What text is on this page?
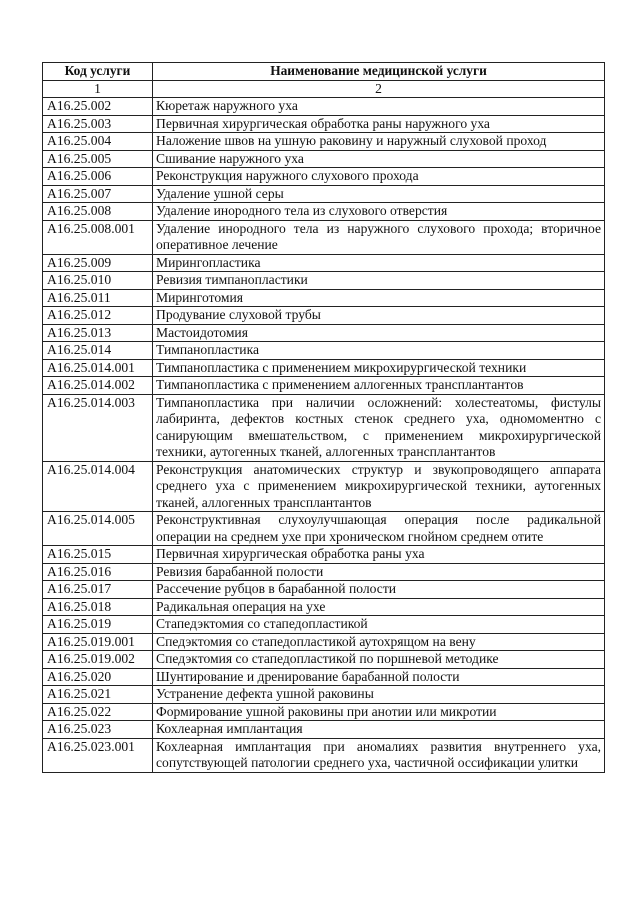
Код услуги	Наименование медицинской услуги
1	2
A16.25.002	Кюретаж наружного уха
A16.25.003	Первичная хирургическая обработка раны наружного уха
A16.25.004	Наложение швов на ушную раковину и наружный слуховой проход
A16.25.005	Сшивание наружного уха
A16.25.006	Реконструкция наружного слухового прохода
A16.25.007	Удаление ушной серы
A16.25.008	Удаление инородного тела из слухового отверстия
A16.25.008.001	Удаление инородного тела из наружного слухового прохода; вторичное оперативное лечение
A16.25.009	Мирингопластика
A16.25.010	Ревизия тимпанопластики
A16.25.011	Миринготомия
A16.25.012	Продувание слуховой трубы
A16.25.013	Мастоидотомия
A16.25.014	Тимпанопластика
A16.25.014.001	Тимпанопластика с применением микрохирургической техники
A16.25.014.002	Тимпанопластика с применением аллогенных трансплантантов
A16.25.014.003	Тимпанопластика при наличии осложнений: холестеатомы, фистулы лабиринта, дефектов костных стенок среднего уха, одномоментно с санирующим вмешательством, с применением микрохирургической техники, аутогенных тканей, аллогенных трансплантантов
A16.25.014.004	Реконструкция анатомических структур и звукопроводящего аппарата среднего уха с применением микрохирургической техники, аутогенных тканей, аллогенных трансплантантов
A16.25.014.005	Реконструктивная слухоулучшающая операция после радикальной операции на среднем ухе при хроническом гнойном среднем отите
A16.25.015	Первичная хирургическая обработка раны уха
A16.25.016	Ревизия барабанной полости
A16.25.017	Рассечение рубцов в барабанной полости
A16.25.018	Радикальная операция на ухе
A16.25.019	Стапедэктомия со стапедопластикой
A16.25.019.001	Спедэктомия со стапедопластикой аутохрящом на вену
A16.25.019.002	Спедэктомия со стапедопластикой по поршневой методике
A16.25.020	Шунтирование и дренирование барабанной полости
A16.25.021	Устранение дефекта ушной раковины
A16.25.022	Формирование ушной раковины при анотии или микротии
A16.25.023	Кохлеарная имплантация
A16.25.023.001	Кохлеарная имплантация при аномалиях развития внутреннего уха, сопутствующей патологии среднего уха, частичной оссификации улитки
